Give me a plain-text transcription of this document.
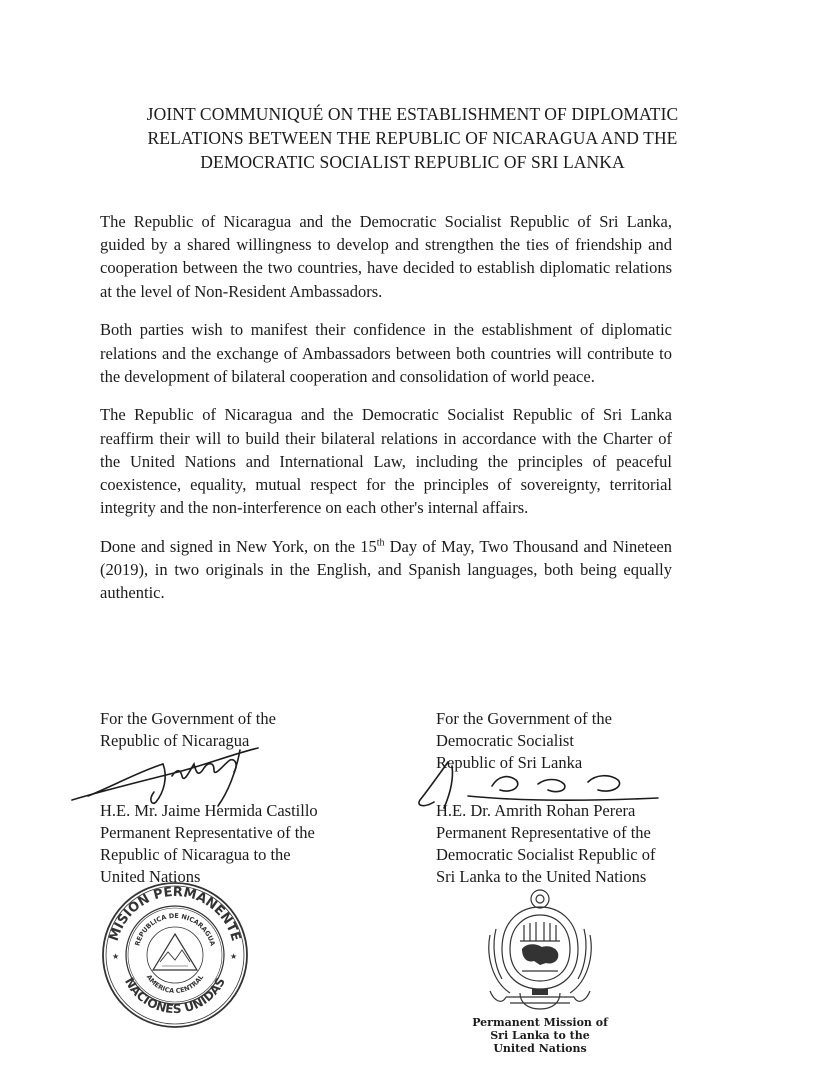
JOINT COMMUNIQUÉ ON THE ESTABLISHMENT OF DIPLOMATIC
RELATIONS BETWEEN THE REPUBLIC OF NICARAGUA AND THE
DEMOCRATIC SOCIALIST REPUBLIC OF SRI LANKA

The Republic of Nicaragua and the Democratic Socialist Republic of Sri Lanka, guided by a shared willingness to develop and strengthen the ties of friendship and cooperation between the two countries, have decided to establish diplomatic relations at the level of Non-Resident Ambassadors.

Both parties wish to manifest their confidence in the establishment of diplomatic relations and the exchange of Ambassadors between both countries will contribute to the development of bilateral cooperation and consolidation of world peace.

The Republic of Nicaragua and the Democratic Socialist Republic of Sri Lanka reaffirm their will to build their bilateral relations in accordance with the Charter of the United Nations and International Law, including the principles of peaceful coexistence, equality, mutual respect for the principles of sovereignty, territorial integrity and the non-interference on each other's internal affairs.

Done and signed in New York, on the 15th Day of May, Two Thousand and Nineteen (2019), in two originals in the English, and Spanish languages, both being equally authentic.

For the Government of the
Republic of Nicaragua
H.E. Mr. Jaime Hermida Castillo
Permanent Representative of the
Republic of Nicaragua to the
United Nations
For the Government of the
Democratic Socialist
Republic of Sri Lanka
H.E. Dr. Amrith Rohan Perera
Permanent Representative of the
Democratic Socialist Republic of
Sri Lanka to the United Nations
MISION PERMANENTE
NACIONES UNIDAS
REPUBLICA DE NICARAGUA
AMERICA CENTRAL
★	★
Permanent Mission of
Sri Lanka to the
United Nations
